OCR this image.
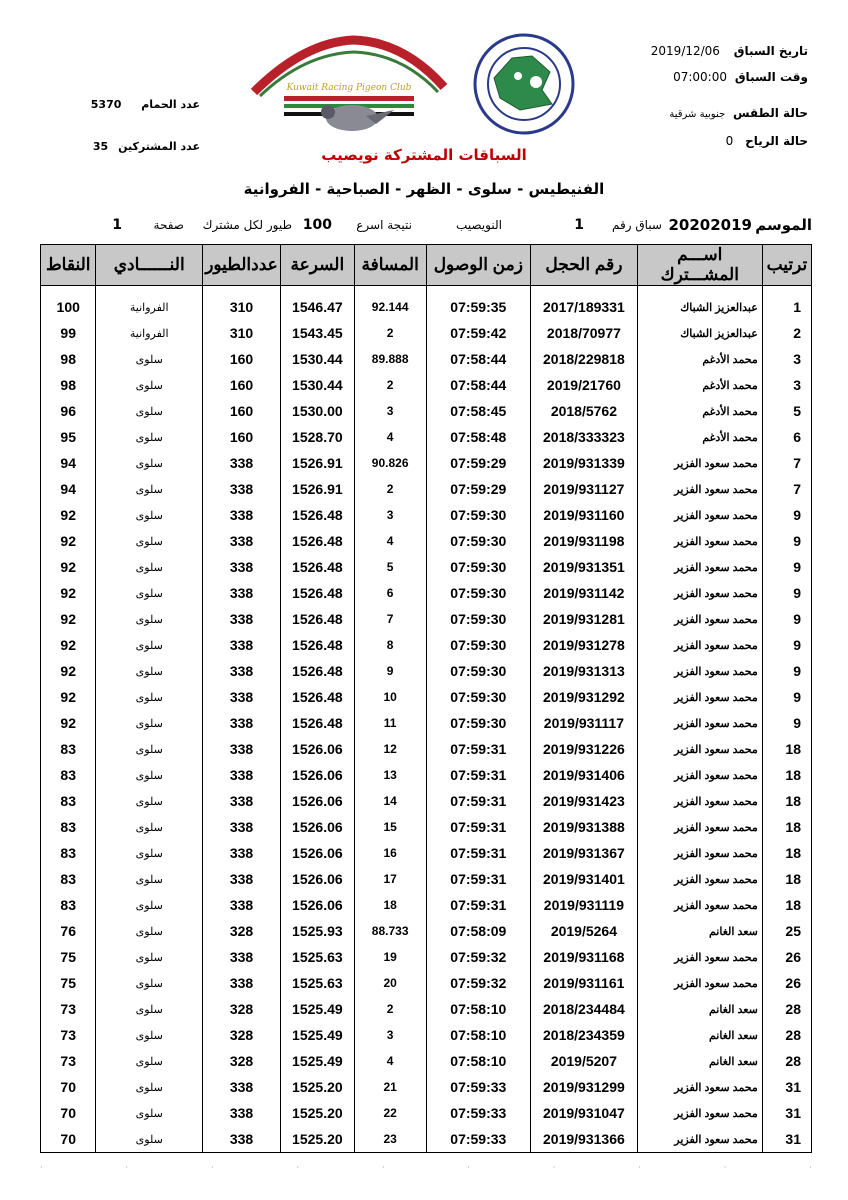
تاريخ السباق 2019/12/06
وقت السباق 07:00:00
حالة الطقس جنوبية شرقية
حالة الرياح 0
عدد الحمام 5370
عدد المشتركين 35
Kuwait Racing Pigeon Club
السباقات المشتركة نويصيب
الفنيطيس - سلوى - الظهر - الصباحية - الفروانية
الموسم
20202019
سباق رقم
1
النويصيب
نتيجة اسرع
100
طيور لكل مشترك
صفحة
1
ترتيب	اســـم المشـــترك	رقم الحجل	زمن الوصول	المسافة	السرعة	عددالطيور	النــــــادي	النقاط

1	عبدالعزيز الشباك	2017/189331	07:59:35	92.144	1546.47	310	الفروانية	100
2	عبدالعزيز الشباك	2018/70977	07:59:42	2	1543.45	310	الفروانية	99
3	محمد الأدغم	2018/229818	07:58:44	89.888	1530.44	160	سلوى	98
3	محمد الأدغم	2019/21760	07:58:44	2	1530.44	160	سلوى	98
5	محمد الأدغم	2018/5762	07:58:45	3	1530.00	160	سلوى	96
6	محمد الأدغم	2018/333323	07:58:48	4	1528.70	160	سلوى	95
7	محمد سعود الفزير	2019/931339	07:59:29	90.826	1526.91	338	سلوى	94
7	محمد سعود الفزير	2019/931127	07:59:29	2	1526.91	338	سلوى	94
9	محمد سعود الفزير	2019/931160	07:59:30	3	1526.48	338	سلوى	92
9	محمد سعود الفزير	2019/931198	07:59:30	4	1526.48	338	سلوى	92
9	محمد سعود الفزير	2019/931351	07:59:30	5	1526.48	338	سلوى	92
9	محمد سعود الفزير	2019/931142	07:59:30	6	1526.48	338	سلوى	92
9	محمد سعود الفزير	2019/931281	07:59:30	7	1526.48	338	سلوى	92
9	محمد سعود الفزير	2019/931278	07:59:30	8	1526.48	338	سلوى	92
9	محمد سعود الفزير	2019/931313	07:59:30	9	1526.48	338	سلوى	92
9	محمد سعود الفزير	2019/931292	07:59:30	10	1526.48	338	سلوى	92
9	محمد سعود الفزير	2019/931117	07:59:30	11	1526.48	338	سلوى	92
18	محمد سعود الفزير	2019/931226	07:59:31	12	1526.06	338	سلوى	83
18	محمد سعود الفزير	2019/931406	07:59:31	13	1526.06	338	سلوى	83
18	محمد سعود الفزير	2019/931423	07:59:31	14	1526.06	338	سلوى	83
18	محمد سعود الفزير	2019/931388	07:59:31	15	1526.06	338	سلوى	83
18	محمد سعود الفزير	2019/931367	07:59:31	16	1526.06	338	سلوى	83
18	محمد سعود الفزير	2019/931401	07:59:31	17	1526.06	338	سلوى	83
18	محمد سعود الفزير	2019/931119	07:59:31	18	1526.06	338	سلوى	83
25	سعد الغانم	2019/5264	07:58:09	88.733	1525.93	328	سلوى	76
26	محمد سعود الفزير	2019/931168	07:59:32	19	1525.63	338	سلوى	75
26	محمد سعود الفزير	2019/931161	07:59:32	20	1525.63	338	سلوى	75
28	سعد الغانم	2018/234484	07:58:10	2	1525.49	328	سلوى	73
28	سعد الغانم	2018/234359	07:58:10	3	1525.49	328	سلوى	73
28	سعد الغانم	2019/5207	07:58:10	4	1525.49	328	سلوى	73
31	محمد سعود الفزير	2019/931299	07:59:33	21	1525.20	338	سلوى	70
31	محمد سعود الفزير	2019/931047	07:59:33	22	1525.20	338	سلوى	70
31	محمد سعود الفزير	2019/931366	07:59:33	23	1525.20	338	سلوى	70
·	·	·	·	·	·	·	·	·	·
